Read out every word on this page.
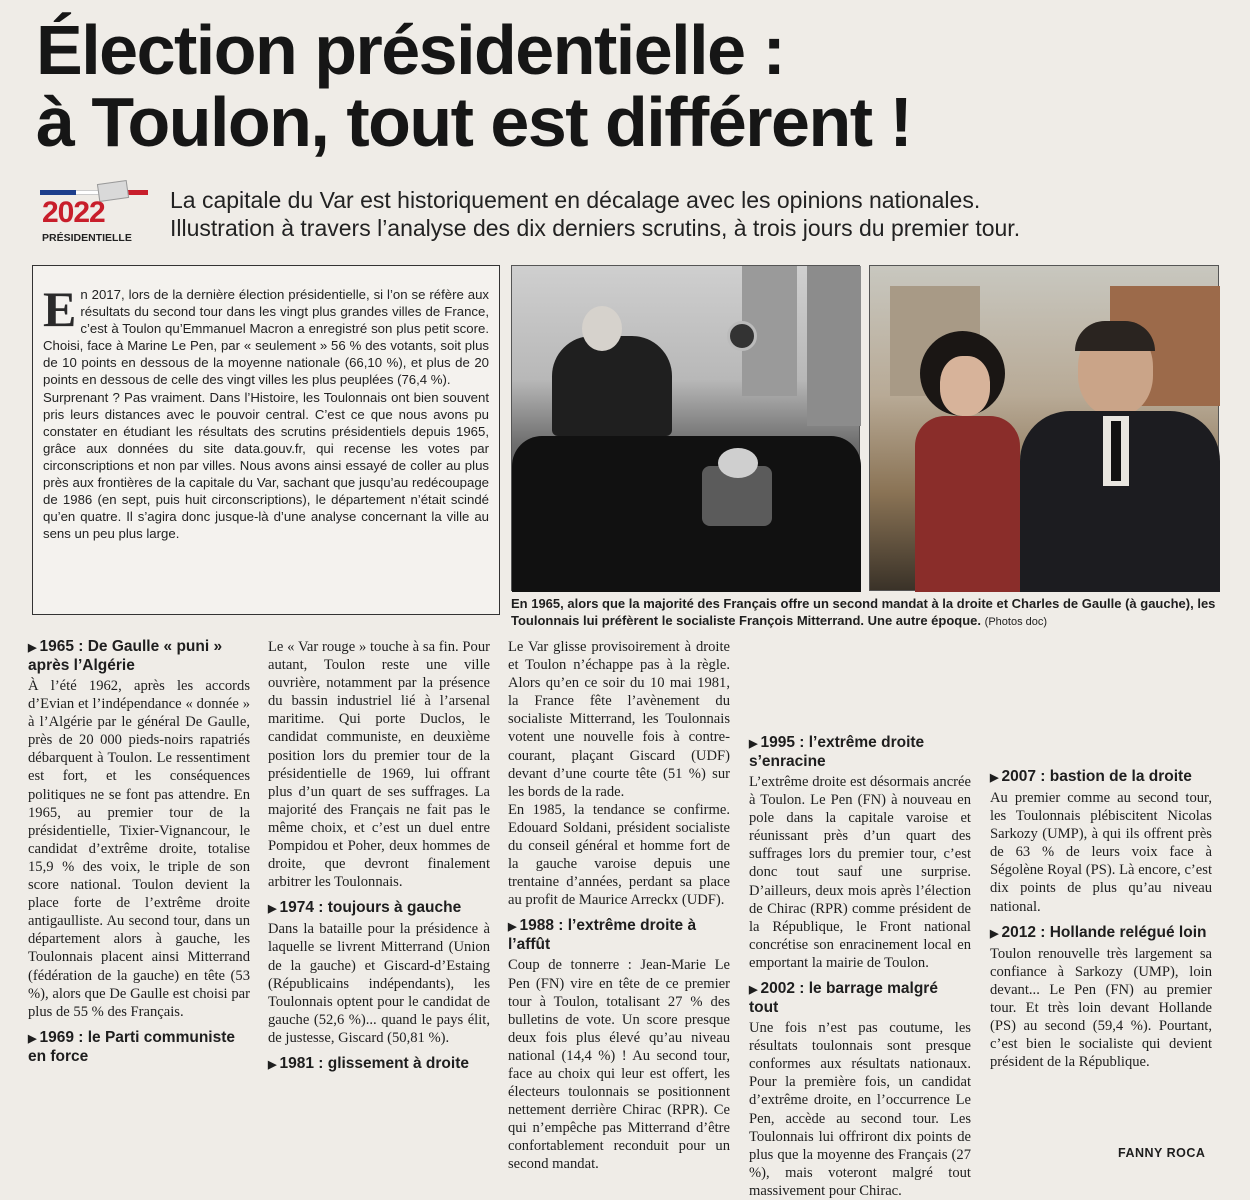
Élection présidentielle :
à Toulon, tout est différent !
2022
PRÉSIDENTIELLE
La capitale du Var est historiquement en décalage avec les opinions nationales.
Illustration à travers l’analyse des dix derniers scrutins, à trois jours du premier tour.
E n 2017, lors de la dernière élection présidentielle, si l’on se réfère aux résultats du second tour dans les vingt plus grandes villes de France, c’est à Toulon qu’Emmanuel Macron a enregistré son plus petit score. Choisi, face à Marine Le Pen, par « seulement » 56 % des votants, soit plus de 10 points en dessous de la moyenne nationale (66,10 %), et plus de 20 points en dessous de celle des vingt villes les plus peuplées (76,4 %).

Surprenant ? Pas vraiment. Dans l’Histoire, les Toulonnais ont bien souvent pris leurs distances avec le pouvoir central. C’est ce que nous avons pu constater en étudiant les résultats des scrutins présidentiels depuis 1965, grâce aux données du site data.gouv.fr, qui recense les votes par circonscriptions et non par villes. Nous avons ainsi essayé de coller au plus près aux frontières de la capitale du Var, sachant que jusqu’au redécoupage de 1986 (en sept, puis huit circonscriptions), le département n’était scindé qu’en quatre. Il s’agira donc jusque-là d’une analyse concernant la ville au sens un peu plus large.

En 1965, alors que la majorité des Français offre un second mandat à la droite et Charles de Gaulle (à gauche), les Toulonnais lui préfèrent le socialiste François Mitterrand. Une autre époque. (Photos doc)
▶ 1965 : De Gaulle « puni » après l’Algérie

À l’été 1962, après les accords d’Evian et l’indépendance « donnée » à l’Algérie par le général De Gaulle, près de 20 000 pieds-noirs rapatriés débarquent à Toulon. Le ressentiment est fort, et les conséquences politiques ne se font pas attendre. En 1965, au premier tour de la présidentielle, Tixier-Vignancour, le candidat d’extrême droite, totalise 15,9 % des voix, le triple de son score national. Toulon devient la place forte de l’extrême droite antigaulliste. Au second tour, dans un département alors à gauche, les Toulonnais placent ainsi Mitterrand (fédération de la gauche) en tête (53 %), alors que De Gaulle est choisi par plus de 55 % des Français.

▶ 1969 : le Parti communiste en force

Le « Var rouge » touche à sa fin. Pour autant, Toulon reste une ville ouvrière, notamment par la présence du bassin industriel lié à l’arsenal maritime. Qui porte Duclos, le candidat communiste, en deuxième position lors du premier tour de la présidentielle de 1969, lui offrant plus d’un quart de ses suffrages. La majorité des Français ne fait pas le même choix, et c’est un duel entre Pompidou et Poher, deux hommes de droite, que devront finalement arbitrer les Toulonnais.

▶ 1974 : toujours à gauche

Dans la bataille pour la présidence à laquelle se livrent Mitterrand (Union de la gauche) et Giscard-d’Estaing (Républicains indépendants), les Toulonnais optent pour le candidat de gauche (52,6 %)... quand le pays élit, de justesse, Giscard (50,81 %).

▶ 1981 : glissement à droite

Le Var glisse provisoirement à droite et Toulon n’échappe pas à la règle. Alors qu’en ce soir du 10 mai 1981, la France fête l’avènement du socialiste Mitterrand, les Toulonnais votent une nouvelle fois à contre-courant, plaçant Giscard (UDF) devant d’une courte tête (51 %) sur les bords de la rade.

En 1985, la tendance se confirme. Edouard Soldani, président socialiste du conseil général et homme fort de la gauche varoise depuis une trentaine d’années, perdant sa place au profit de Maurice Arreckx (UDF).

▶ 1988 : l’extrême droite à l’affût

Coup de tonnerre : Jean-Marie Le Pen (FN) vire en tête de ce premier tour à Toulon, totalisant 27 % des bulletins de vote. Un score presque deux fois plus élevé qu’au niveau national (14,4 %) ! Au second tour, face au choix qui leur est offert, les électeurs toulonnais se positionnent nettement derrière Chirac (RPR). Ce qui n’empêche pas Mitterrand d’être confortablement reconduit pour un second mandat.

▶ 1995 : l’extrême droite s’enracine

L’extrême droite est désormais ancrée à Toulon. Le Pen (FN) à nouveau en pole dans la capitale varoise et réunissant près d’un quart des suffrages lors du premier tour, c’est donc tout sauf une surprise. D’ailleurs, deux mois après l’élection de Chirac (RPR) comme président de la République, le Front national concrétise son enracinement local en emportant la mairie de Toulon.

▶ 2002 : le barrage malgré tout

Une fois n’est pas coutume, les résultats toulonnais sont presque conformes aux résultats nationaux. Pour la première fois, un candidat d’extrême droite, en l’occurrence Le Pen, accède au second tour. Les Toulonnais lui offriront dix points de plus que la moyenne des Français (27 %), mais voteront malgré tout massivement pour Chirac.

▶ 2007 : bastion de la droite

Au premier comme au second tour, les Toulonnais plébiscitent Nicolas Sarkozy (UMP), à qui ils offrent près de 63 % de leurs voix face à Ségolène Royal (PS). Là encore, c’est dix points de plus qu’au niveau national.

▶ 2012 : Hollande relégué loin

Toulon renouvelle très largement sa confiance à Sarkozy (UMP), loin devant... Le Pen (FN) au premier tour. Et très loin devant Hollande (PS) au second (59,4 %). Pourtant, c’est bien le socialiste qui devient président de la République.

FANNY ROCA
